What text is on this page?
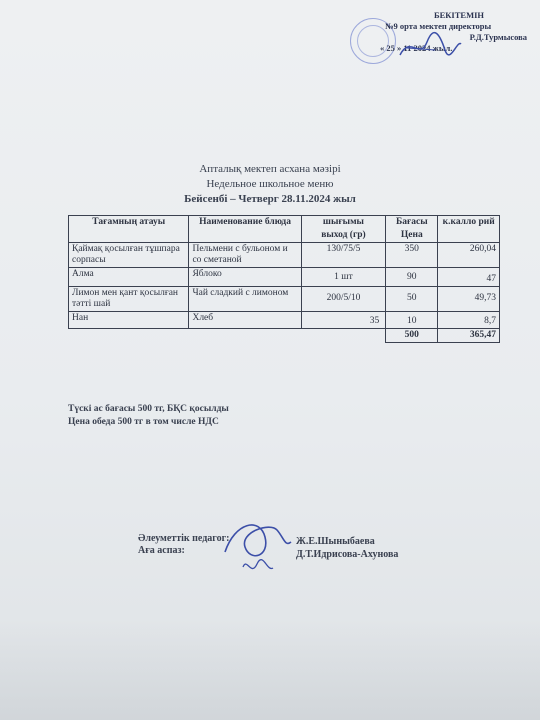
БЕКІТЕМІН
№9 орта мектеп директоры
Р.Д.Турмысова
« 25 » 11 2024 жыл.
Апталық мектеп асхана мәзірі
Недельное школьное меню
Бейсенбі – Четверг 28.11.2024 жыл
Тағамның атауы	Наименование блюда	шығымы	Бағасы	к.калло рий
		выход (гр)	Цена	
Қаймақ қосылған тұшпара сорпасы	Пельмени с бульоном и со сметаной	130/75/5	350	260,04
Алма	Яблоко	1 шт	90	47
Лимон мен қант қосылған тәтті шай	Чай сладкий с лимоном	200/5/10	50	49,73
Нан	Хлеб	35	10	8,7
			500	365,47
Түскі ас бағасы 500 тг, БҚС қосылды
Цена обеда 500 тг в том числе НДС
Әлеуметтік педагог:
Аға аспаз:
Ж.Е.Шыныбаева
Д.Т.Идрисова-Ахунова
